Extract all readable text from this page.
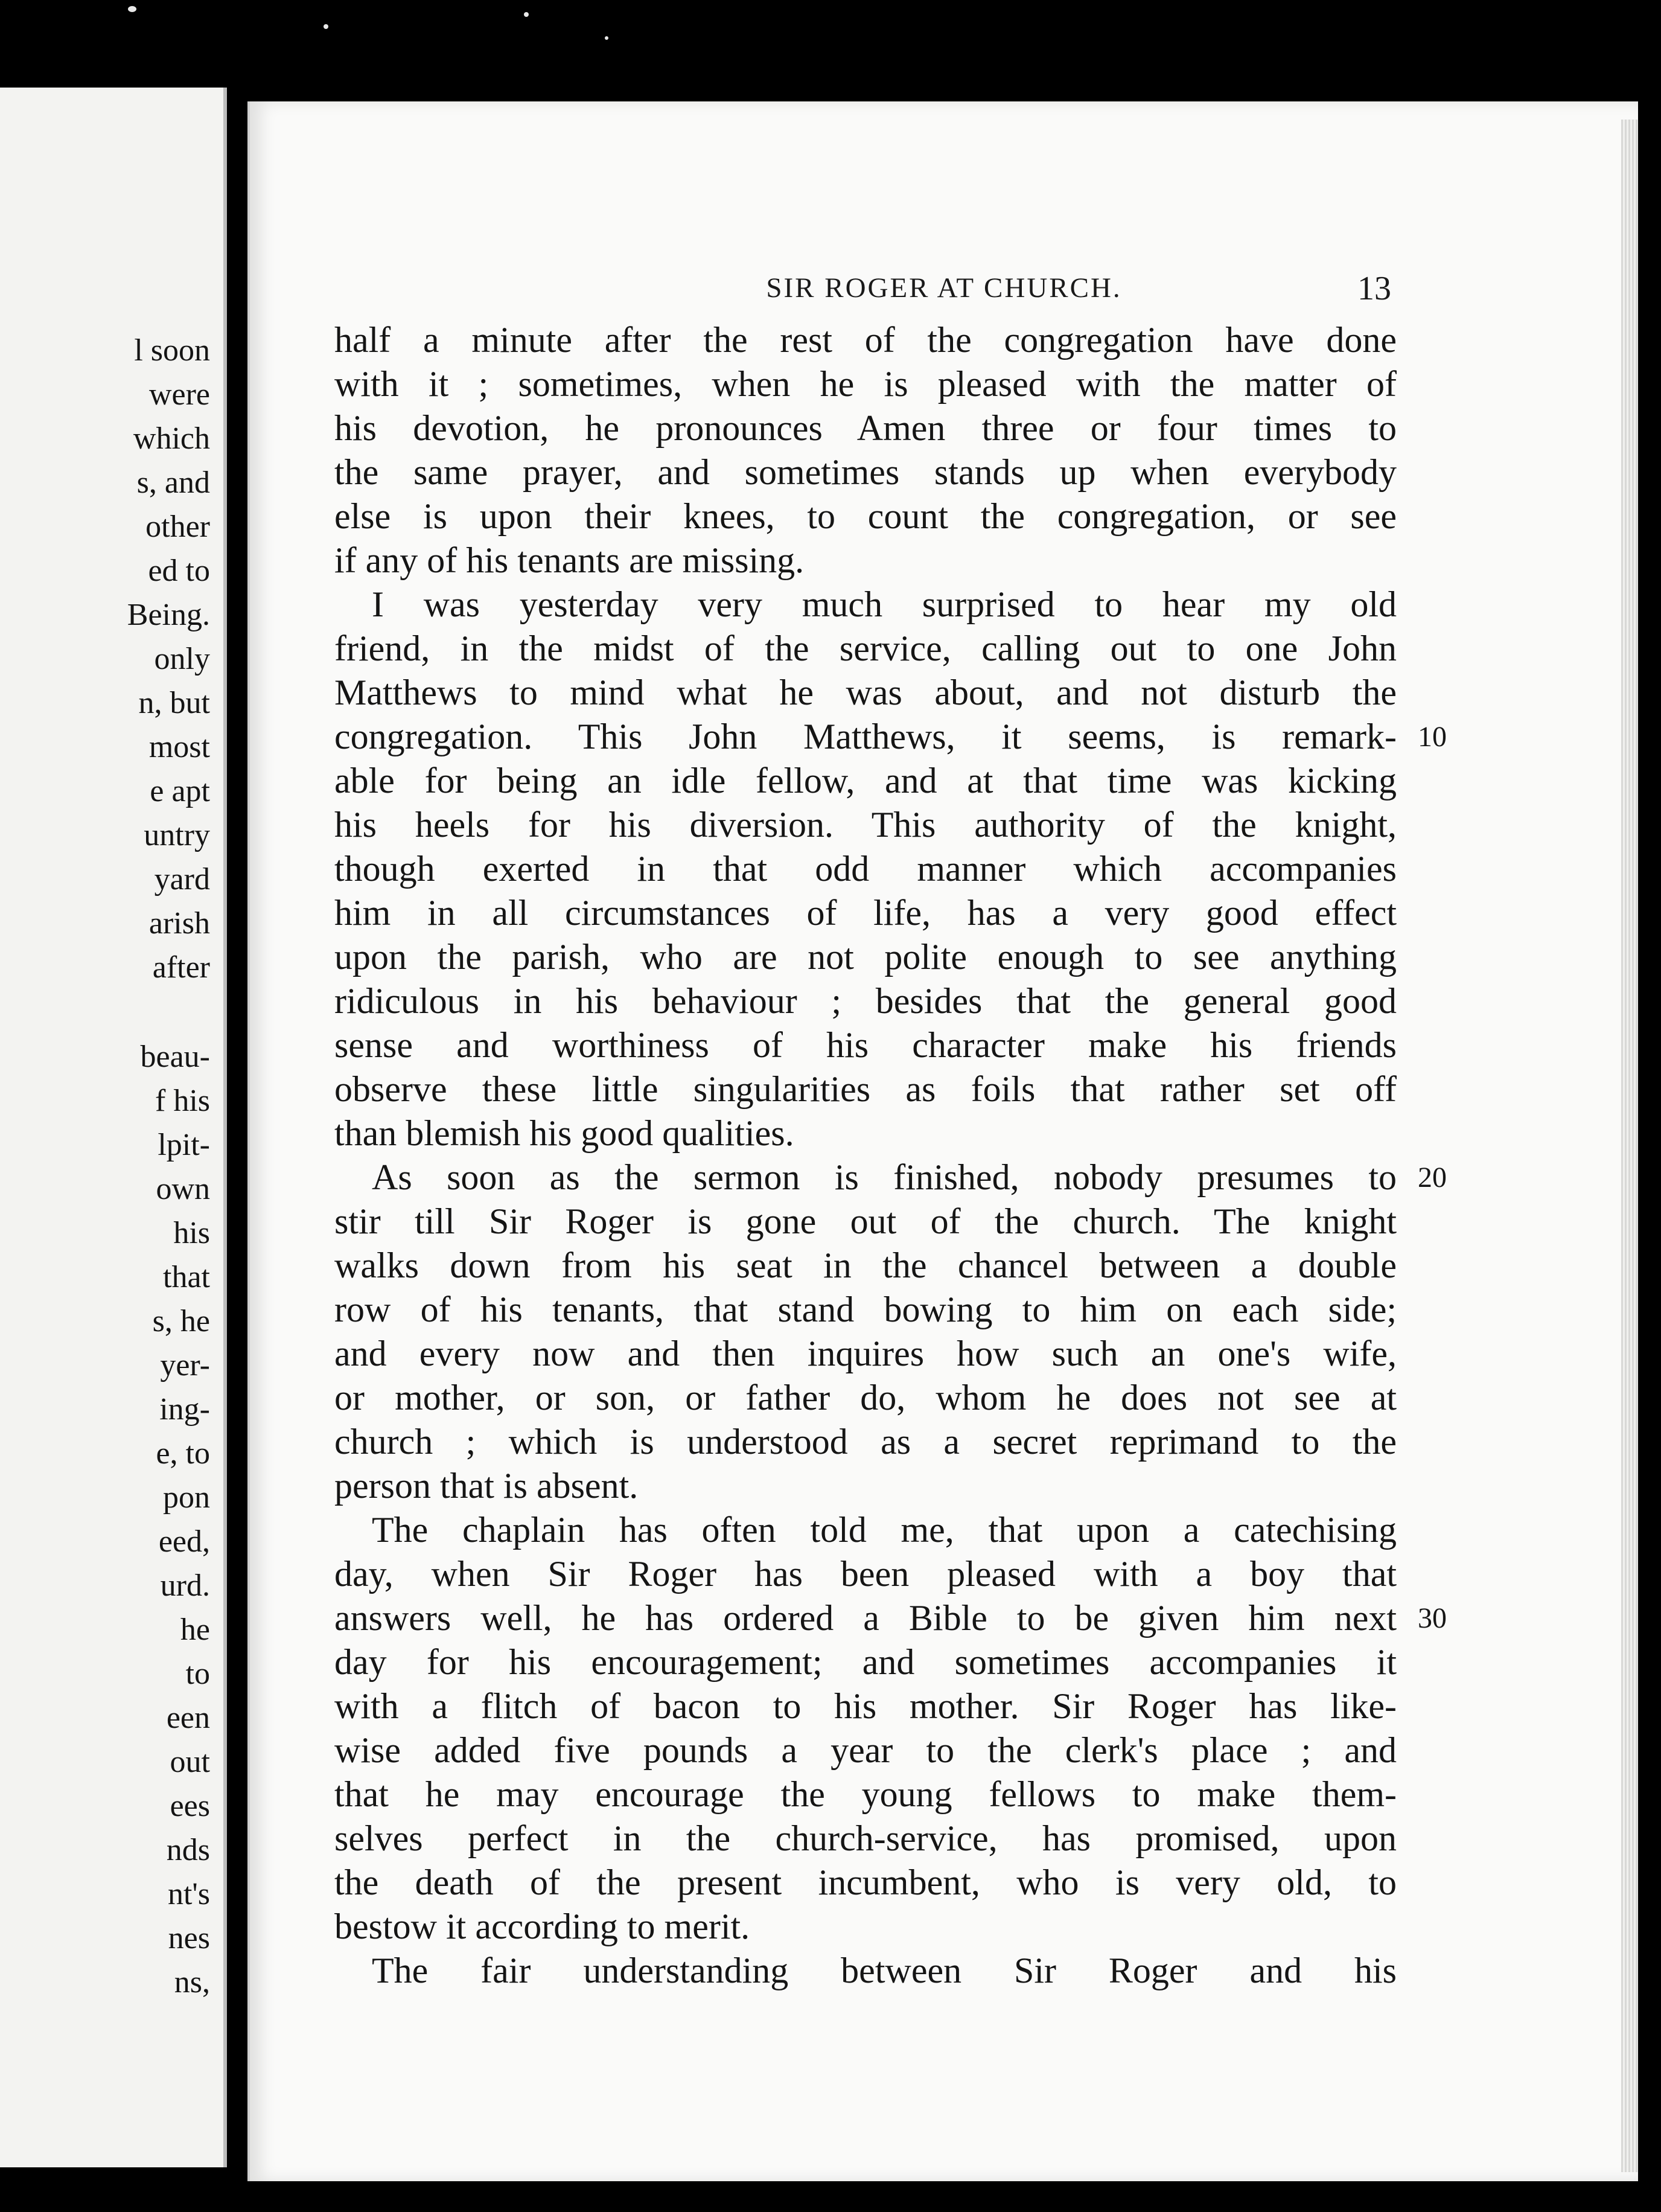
l soon
were
which
s, and
other
ed to
Being.
only
n, but
most
e apt
untry
yard
arish
after
beau-
f his
lpit-
own
his
that
s, he
yer-
ing-
e, to
pon
eed,
urd.
he
to
een
out
ees
nds
nt's
nes
ns,
SIR ROGER AT CHURCH.	13
half a minute after the rest of the congregation have done
with it ; sometimes, when he is pleased with the matter of
his devotion, he pronounces Amen three or four times to
the same prayer, and sometimes stands up when everybody
else is upon their knees, to count the congregation, or see
if any of his tenants are missing.
I was yesterday very much surprised to hear my old
friend, in the midst of the service, calling out to one John
Matthews to mind what he was about, and not disturb the
congregation. This John Matthews, it seems, is remark-
able for being an idle fellow, and at that time was kicking
his heels for his diversion. This authority of the knight,
though exerted in that odd manner which accompanies
him in all circumstances of life, has a very good effect
upon the parish, who are not polite enough to see anything
ridiculous in his behaviour ; besides that the general good
sense and worthiness of his character make his friends
observe these little singularities as foils that rather set off
than blemish his good qualities.
As soon as the sermon is finished, nobody presumes to
stir till Sir Roger is gone out of the church. The knight
walks down from his seat in the chancel between a double
row of his tenants, that stand bowing to him on each side;
and every now and then inquires how such an one's wife,
or mother, or son, or father do, whom he does not see at
church ; which is understood as a secret reprimand to the
person that is absent.
The chaplain has often told me, that upon a catechising
day, when Sir Roger has been pleased with a boy that
answers well, he has ordered a Bible to be given him next
day for his encouragement; and sometimes accompanies it
with a flitch of bacon to his mother. Sir Roger has like-
wise added five pounds a year to the clerk's place ; and
that he may encourage the young fellows to make them-
selves perfect in the church-service, has promised, upon
the death of the present incumbent, who is very old, to
bestow it according to merit.
The fair understanding between Sir Roger and his
10
20
30
